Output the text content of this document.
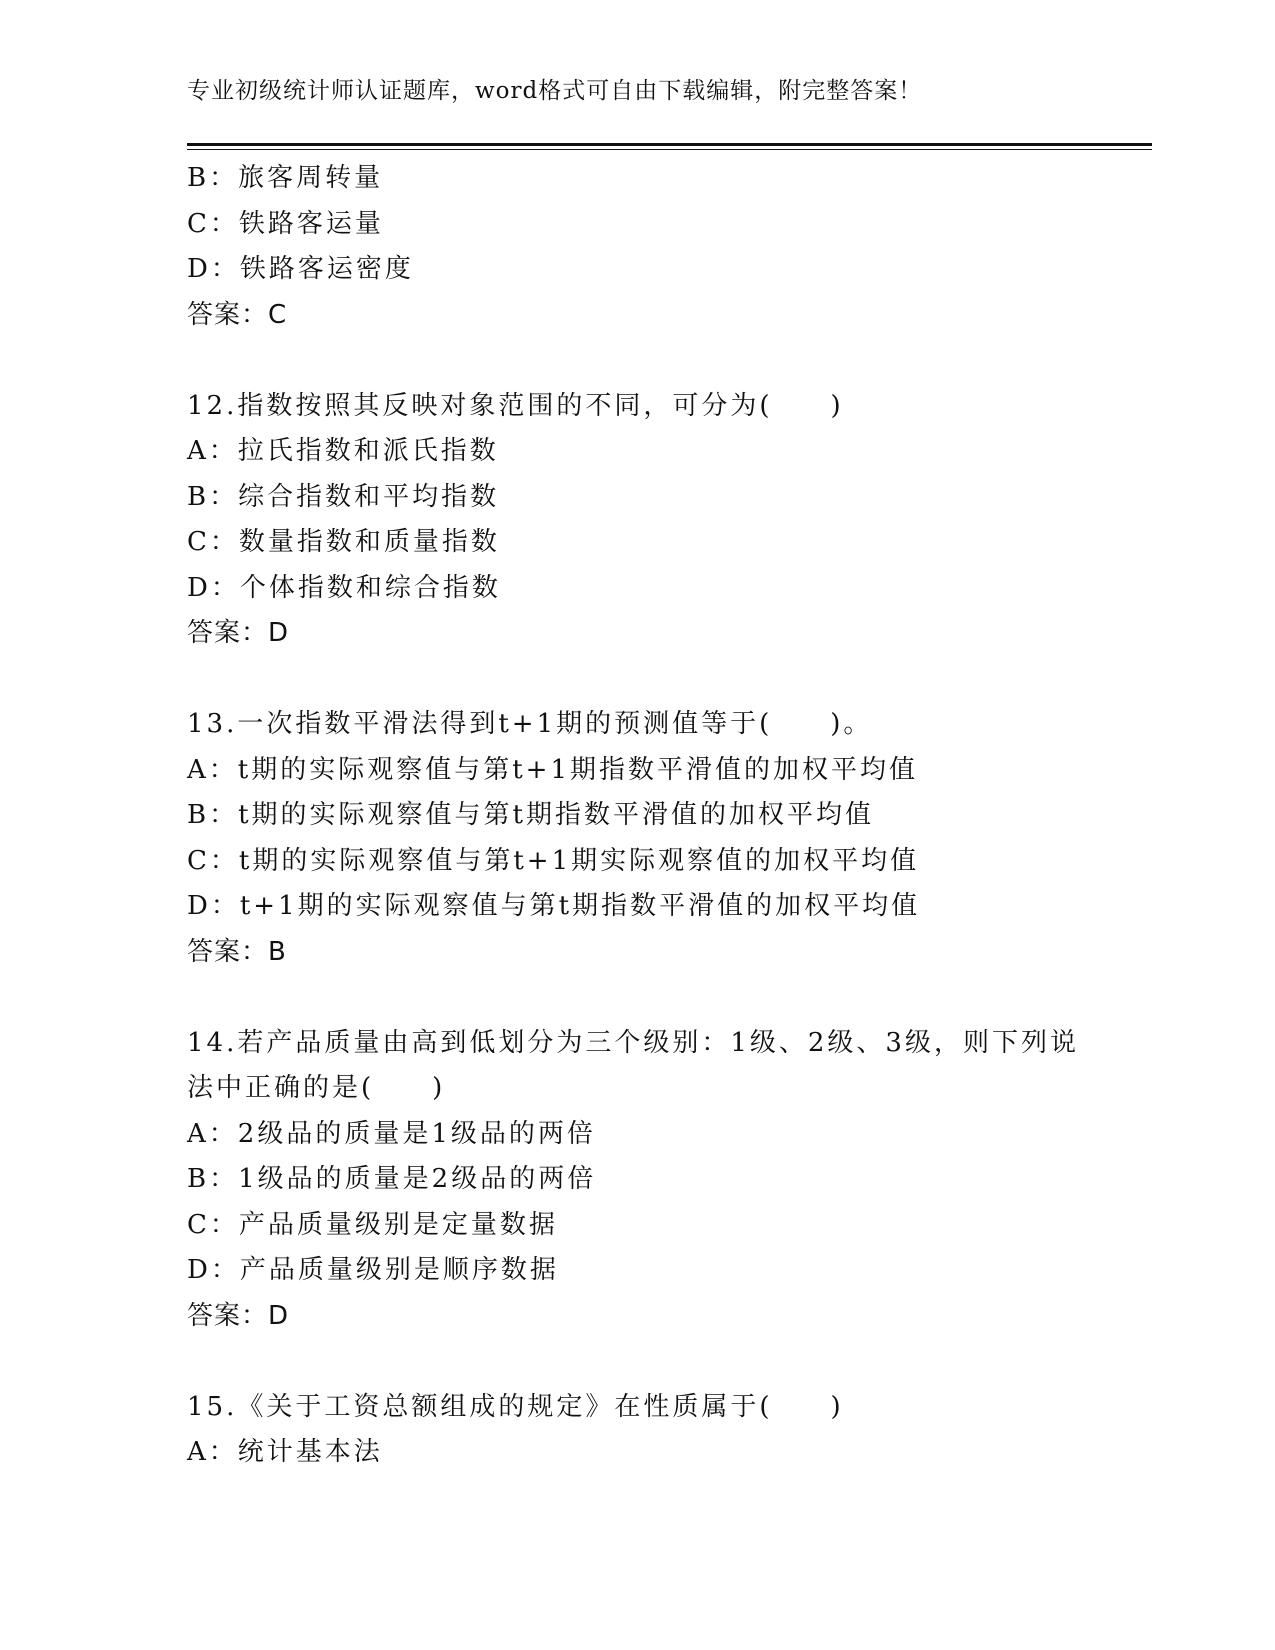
专业初级统计师认证题库，word格式可自由下载编辑，附完整答案！
B：旅客周转量
C：铁路客运量
D：铁路客运密度
答案：C
12.指数按照其反映对象范围的不同，可分为(　　)
A：拉氏指数和派氏指数
B：综合指数和平均指数
C：数量指数和质量指数
D：个体指数和综合指数
答案：D
13.一次指数平滑法得到t+1期的预测值等于(　　)。
A：t期的实际观察值与第t+1期指数平滑值的加权平均值
B：t期的实际观察值与第t期指数平滑值的加权平均值
C：t期的实际观察值与第t+1期实际观察值的加权平均值
D：t+1期的实际观察值与第t期指数平滑值的加权平均值
答案：B
14.若产品质量由高到低划分为三个级别：1级、2级、3级，则下列说
法中正确的是(　　)
A：2级品的质量是1级品的两倍
B：1级品的质量是2级品的两倍
C：产品质量级别是定量数据
D：产品质量级别是顺序数据
答案：D
15.《关于工资总额组成的规定》在性质属于(　　)
A：统计基本法
